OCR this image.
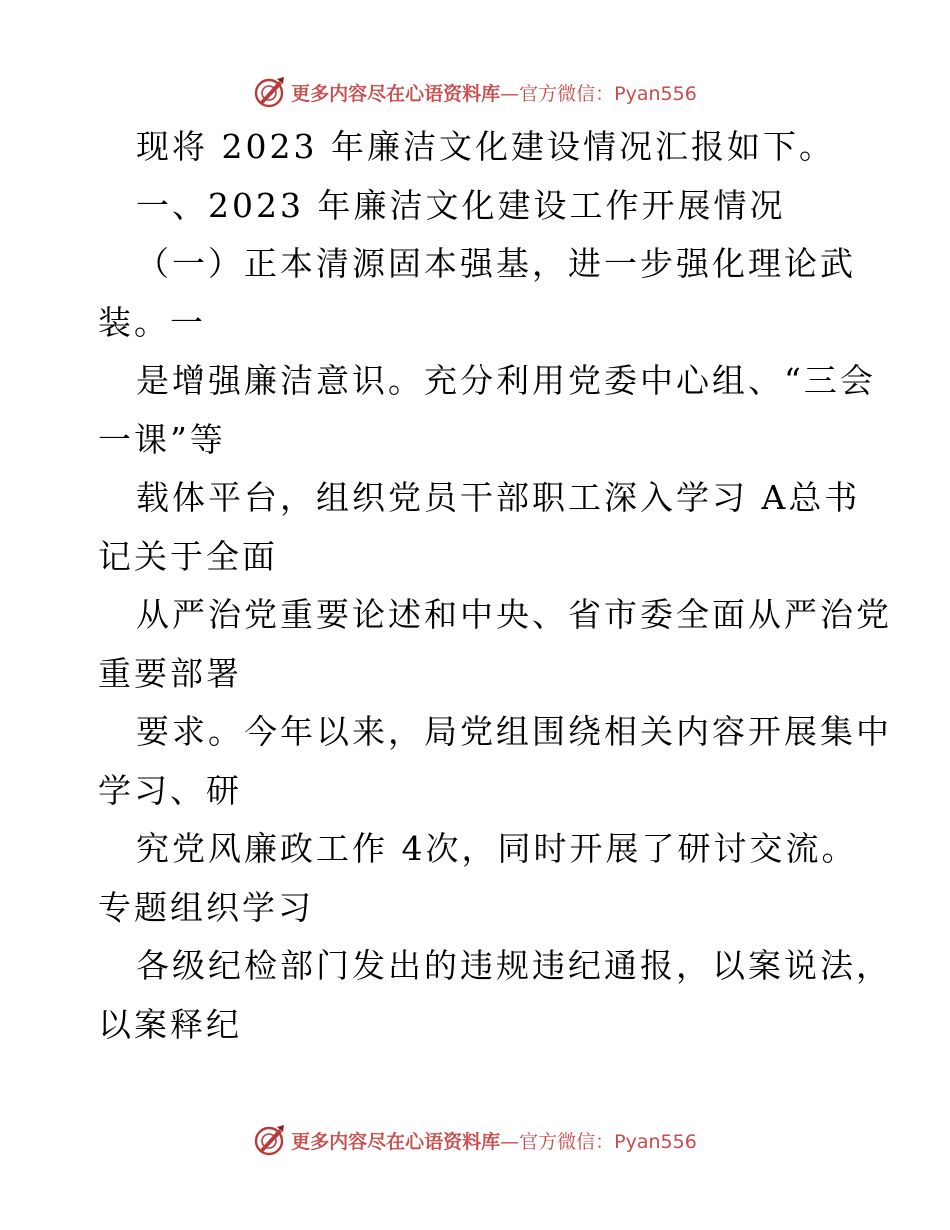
更多内容尽在心语资料库 —官方微信：Pyan556
现将 2023 年廉洁文化建设情况汇报如下。
一、2023 年廉洁文化建设工作开展情况
（一）正本清源固本强基，进一步强化理论武
装。一
是增强廉洁意识。充分利用党委中心组、“三会
一课”等
载体平台，组织党员干部职工深入学习 A总书
记关于全面
从严治党重要论述和中央、省市委全面从严治党
重要部署
要求。今年以来，局党组围绕相关内容开展集中
学习、研
究党风廉政工作 4次，同时开展了研讨交流。
专题组织学习
各级纪检部门发出的违规违纪通报，以案说法，
以案释纪
更多内容尽在心语资料库 —官方微信：Pyan556
